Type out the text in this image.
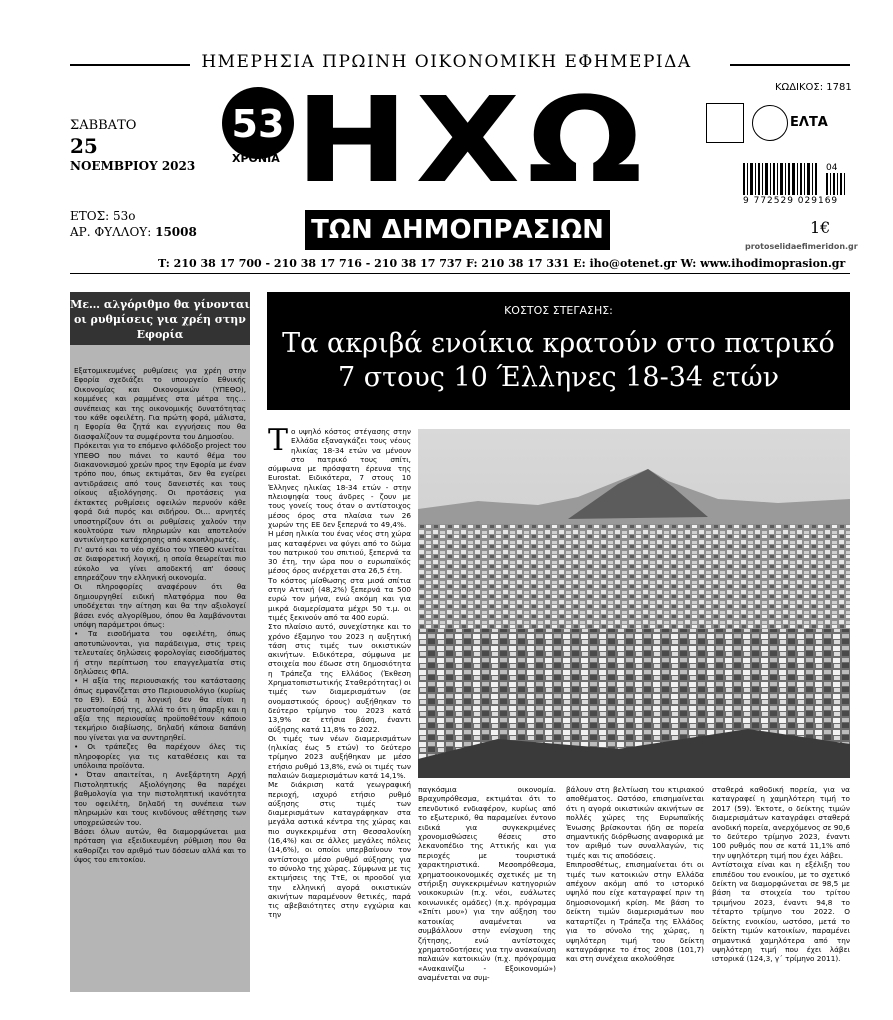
ΗΜΕΡΗΣΙΑ ΠΡΩΙΝΗ ΟΙΚΟΝΟΜΙΚΗ ΕΦΗΜΕΡΙΔΑ
ΣΑΒΒΑΤΟ
25
ΝΟΕΜΒΡΙΟΥ 2023
ΕΤΟΣ: 53ο
ΑΡ. ΦΥΛΛΟΥ: 15008
53
ΧΡΟΝΙΑ ΗΧΩ
ΤΩΝ ΔΗΜΟΠΡΑΣΙΩΝ
ΚΩΔΙΚΟΣ: 1781
ΕΛΤΑ
04
9 772529 029169
1€
protoselidaefimeridon.gr
T: 210 38 17 700 - 210 38 17 716 - 210 38 17 737 F: 210 38 17 331 E: iho@otenet.gr W: www.ihodimoprasion.gr
Με… αλγόριθμο θα γίνονται οι ρυθμίσεις για χρέη στην Εφορία

Εξατομικευμένες ρυθμίσεις για χρέη στην Εφορία σχεδιάζει το υπουργείο Εθνικής Οικονομίας και Οικονομικών (ΥΠΕΘΟ), κομμένες και ραμμένες στα μέτρα της… συνέπειας και της οικονομικής δυνατότητας του κάθε οφειλέτη. Για πρώτη φορά, μάλιστα, η Εφορία θα ζητά και εγγυήσεις που θα διασφαλίζουν τα συμφέροντα του Δημοσίου.

Πρόκειται για το επόμενο φιλόδοξο project του ΥΠΕΘΟ που πιάνει το καυτό θέμα του διακανονισμού χρεών προς την Εφορία με έναν τρόπο που, όπως εκτιμάται, δεν θα εγείρει αντιδράσεις από τους δανειστές και τους οίκους αξιολόγησης. Οι προτάσεις για έκτακτες ρυθμίσεις οφειλών περνούν κάθε φορά διά πυρός και σιδήρου. Οι… αρνητές υποστηρίζουν ότι οι ρυθμίσεις χαλούν την κουλτούρα των πληρωμών και αποτελούν αντικίνητρο κατάχρησης από κακοπληρωτές.

Γι' αυτό και το νέο σχέδιο του ΥΠΕΘΟ κινείται σε διαφορετική λογική, η οποία θεωρείται πιο εύκολο να γίνει αποδεκτή απ' όσους επηρεάζουν την ελληνική οικονομία.

Οι πληροφορίες αναφέρουν ότι θα δημιουργηθεί ειδική πλατφόρμα που θα υποδέχεται την αίτηση και θα την αξιολογεί βάσει ενός αλγορίθμου, όπου θα λαμβάνονται υπόψη παράμετροι όπως:

• Τα εισοδήματα του οφειλέτη, όπως αποτυπώνονται, για παράδειγμα, στις τρεις τελευταίες δηλώσεις φορολογίας εισοδήματος ή στην περίπτωση του επαγγελματία στις δηλώσεις ΦΠΑ.

• Η αξία της περιουσιακής του κατάστασης όπως εμφανίζεται στο Περιουσιολόγιο (κυρίως το Ε9). Εδώ η λογική δεν θα είναι η ρευστοποίησή της, αλλά το ότι η ύπαρξη και η αξία της περιουσίας προϋποθέτουν κάποιο τεκμήριο διαβίωσης, δηλαδή κάποια δαπάνη που γίνεται για να συντηρηθεί.

• Οι τράπεζες θα παρέχουν όλες τις πληροφορίες για τις καταθέσεις και τα υπόλοιπα προϊόντα.

• Όταν απαιτείται, η Ανεξάρτητη Αρχή Πιστοληπτικής Αξιολόγησης θα παρέχει βαθμολογία για την πιστοληπτική ικανότητα του οφειλέτη, δηλαδή τη συνέπεια των πληρωμών και τους κινδύνους αθέτησης των υποχρεώσεών του.

Βάσει όλων αυτών, θα διαμορφώνεται μια πρόταση για εξειδικευμένη ρύθμιση που θα καθορίζει τον αριθμό των δόσεων αλλά και το ύψος του επιτοκίου.

ΚΟΣΤΟΣ ΣΤΕΓΑΣΗΣ:
Τα ακριβά ενοίκια κρατούν στο πατρικό
7 στους 10 Έλληνες 18-34 ετών
Τ ο υψηλό κόστος στέγασης στην Ελλάδα εξαναγκάζει τους νέους ηλικίας 18-34 ετών να μένουν στο πατρικό τους σπίτι, σύμφωνα με πρόσφατη έρευνα της Eurostat. Ειδικότερα, 7 στους 10 Έλληνες ηλικίας 18-34 ετών - στην πλειοψηφία τους άνδρες - ζουν με τους γονείς τους όταν ο αντίστοιχος μέσος όρος στα πλαίσια των 26 χωρών της ΕΕ δεν ξεπερνά το 49,4%.

Η μέση ηλικία του ένας νέος στη χώρα μας καταφέρνει να φύγει από το δώμα του πατρικού του σπιτιού, ξεπερνά τα 30 έτη, την ώρα που ο ευρωπαϊκός μέσος όρος ανέρχεται στα 26,5 έτη.

Το κόστος μίσθωσης στα μισά σπίτια στην Αττική (48,2%) ξεπερνά τα 500 ευρώ τον μήνα, ενώ ακόμη και για μικρά διαμερίσματα μέχρι 50 τ.μ. οι τιμές ξεκινούν από τα 400 ευρώ.

Στο πλαίσιο αυτό, συνεχίστηκε και το χρόνο έξαμηνο του 2023 η αυξητική τάση στις τιμές των οικιστικών ακινήτων. Ειδικότερα, σύμφωνα με στοιχεία που έδωσε στη δημοσιότητα η Τράπεζα της Ελλάδος (Έκθεση Χρηματοπιστωτικής Σταθερότητας) οι τιμές των διαμερισμάτων (σε ονομαστικούς όρους) αυξήθηκαν το δεύτερο τρίμηνο του 2023 κατά 13,9% σε ετήσια βάση, έναντι αύξησης κατά 11,8% το 2022.

Οι τιμές των νέων διαμερισμάτων (ηλικίας έως 5 ετών) το δεύτερο τρίμηνο 2023 αυξήθηκαν με μέσο ετήσιο ρυθμό 13,8%, ενώ οι τιμές των παλαιών διαμερισμάτων κατά 14,1%.

Με διάκριση κατά γεωγραφική περιοχή, ισχυρό ετήσιο ρυθμό αύξησης στις τιμές των διαμερισμάτων καταγράφηκαν στα μεγάλα αστικά κέντρα της χώρας και πιο συγκεκριμένα στη Θεσσαλονίκη (16,4%) και σε άλλες μεγάλες πόλεις (14,6%), οι οποίοι υπερβαίνουν τον αντίστοιχο μέσο ρυθμό αύξησης για το σύνολο της χώρας. Σύμφωνα με τις εκτιμήσεις της ΤτΕ, οι προοδοί για την ελληνική αγορά οικιστικών ακινήτων παραμένουν θετικές, παρά τις αβεβαιότητες στην εγχώρια και την

παγκόσμια οικονομία. Βραχυπρόθεσμα, εκτιμάται ότι το επενδυτικό ενδιαφέρον, κυρίως από το εξωτερικό, θα παραμείνει έντονο ειδικά για συγκεκριμένες χρονομισθώσεις θέσεις στο λεκανοπέδιο της Αττικής και για περιοχές με τουριστικά χαρακτηριστικά. Μεσοπρόθεσμα, χρηματοοικονομικές σχετικές με τη στήριξη συγκεκριμένων κατηγοριών νοικοκυριών (π.χ. νέοι, ευάλωτες κοινωνικές ομάδες) (π.χ. πρόγραμμα «Σπίτι μου») για την αύξηση του κατοικίας αναμένεται να συμβάλλουν στην ενίσχυση της ζήτησης, ενώ αντίστοιχες χρηματοδοτήσεις για την ανακαίνιση παλαιών κατοικιών (π.χ. πρόγραμμα «Ανακαινίζω - Εξοικονομώ») αναμένεται να συμ-
βάλουν στη βελτίωση του κτιριακού αποθέματος. Ωστόσο, επισημαίνεται ότι η αγορά οικιστικών ακινήτων σε πολλές χώρες της Ευρωπαϊκής Ένωσης βρίσκονται ήδη σε πορεία σημαντικής διόρθωσης αναφορικά με τον αριθμό των συναλλαγών, τις τιμές και τις αποδόσεις.
Επιπροσθέτως, επισημαίνεται ότι οι τιμές των κατοικιών στην Ελλάδα απέχουν ακόμη από το ιστορικό υψηλό που είχε καταγραφεί πριν τη δημοσιονομική κρίση. Με βάση το δείκτη τιμών διαμερισμάτων που καταρτίζει η Τράπεζα της Ελλάδος για το σύνολο της χώρας, η υψηλότερη τιμή του δείκτη καταγράφηκε το έτος 2008 (101,7) και στη συνέχεια ακολούθησε
σταθερά καθοδική πορεία, για να καταγραφεί η χαμηλότερη τιμή το 2017 (59). Έκτοτε, ο δείκτης τιμών διαμερισμάτων καταγράφει σταθερά ανοδική πορεία, ανερχόμενος σε 90,6 το δεύτερο τρίμηνο 2023, έναντι 100 ρυθμός που σε κατά 11,1% από την υψηλότερη τιμή που έχει λάβει.
Αντίστοιχα είναι και η εξέλιξη του επιπέδου του ενοικίου, με το σχετικό δείκτη να διαμορφώνεται σε 98,5 με βάση τα στοιχεία του τρίτου τριμήνου 2023, έναντι 94,8 το τέταρτο τρίμηνο του 2022. Ο δείκτης ενοικίου, ωστόσο, μετά το δείκτη τιμών κατοικίων, παραμένει σημαντικά χαμηλότερα από την υψηλότερη τιμή που έχει λάβει ιστορικά (124,3, γ΄ τρίμηνο 2011).
